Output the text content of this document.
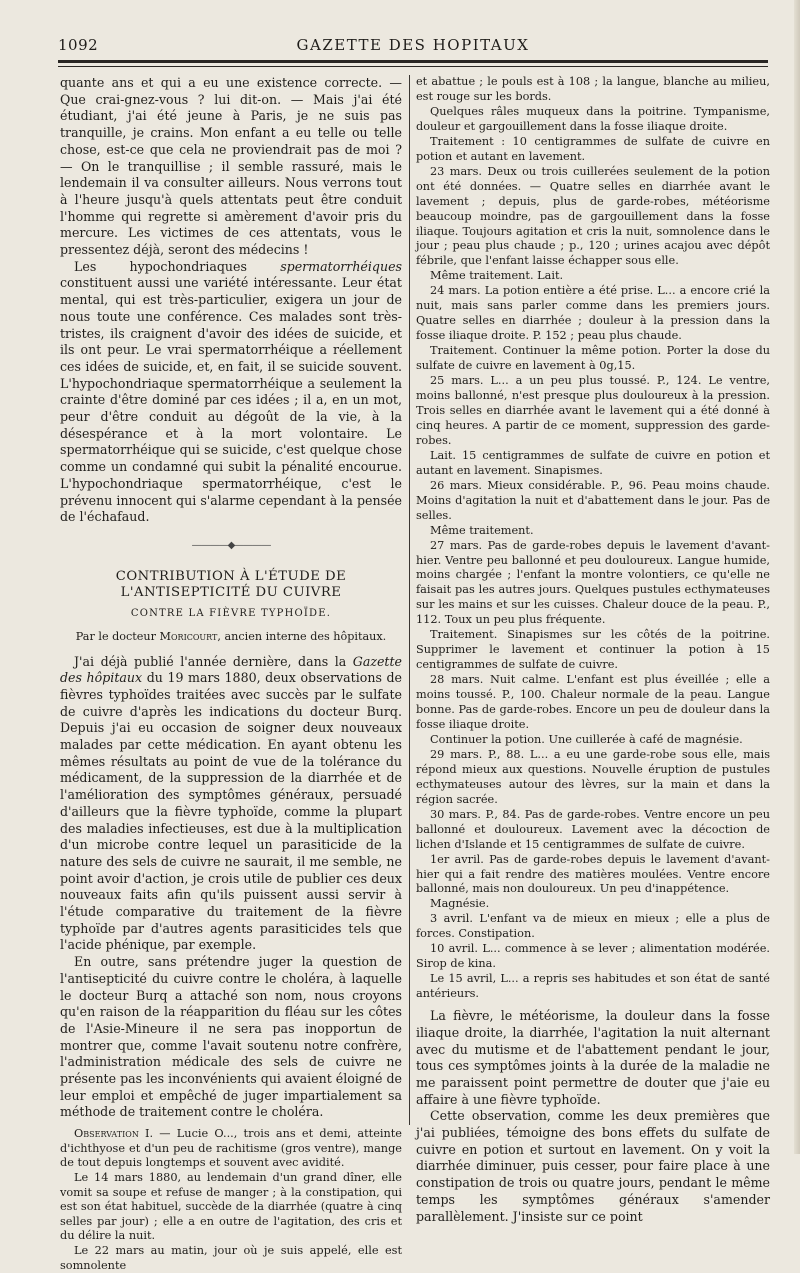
1092	GAZETTE DES HOPITAUX

quante ans et qui a eu une existence correcte. — Que crai-gnez-vous ? lui dit-on. — Mais j'ai été étudiant, j'ai été jeune à Paris, je ne suis pas tranquille, je crains. Mon enfant a eu telle ou telle chose, est-ce que cela ne proviendrait pas de moi ? — On le tranquillise ; il semble rassuré, mais le lendemain il va consulter ailleurs. Nous verrons tout à l'heure jusqu'à quels attentats peut être conduit l'homme qui regrette si amèrement d'avoir pris du mercure. Les victimes de ces attentats, vous le pressentez déjà, seront des médecins !

Les hypochondriaques spermatorrhéiques constituent aussi une variété intéressante. Leur état mental, qui est très-particulier, exigera un jour de nous toute une conférence. Ces malades sont très-tristes, ils craignent d'avoir des idées de suicide, et ils ont peur. Le vrai spermatorrhéique a réellement ces idées de suicide, et, en fait, il se suicide souvent. L'hypochondriaque spermatorrhéique a seulement la crainte d'être dominé par ces idées ; il a, en un mot, peur d'être conduit au dégoût de la vie, à la désespérance et à la mort volontaire. Le spermatorrhéique qui se suicide, c'est quelque chose comme un condamné qui subit la pénalité encourue. L'hypochondriaque spermatorrhéique, c'est le prévenu innocent qui s'alarme cependant à la pensée de l'échafaud.

————◆————
CONTRIBUTION À L'ÉTUDE DE L'ANTISEPTICITÉ DU CUIVRE
CONTRE LA FIÈVRE TYPHOÏDE.
Par le docteur Moricourt, ancien interne des hôpitaux.

J'ai déjà publié l'année dernière, dans la Gazette des hôpitaux du 19 mars 1880, deux observations de fièvres typhoïdes traitées avec succès par le sulfate de cuivre d'après les indications du docteur Burq. Depuis j'ai eu occasion de soigner deux nouveaux malades par cette médication. En ayant obtenu les mêmes résultats au point de vue de la tolérance du médicament, de la suppression de la diarrhée et de l'amélioration des symptômes généraux, persuadé d'ailleurs que la fièvre typhoïde, comme la plupart des maladies infectieuses, est due à la multiplication d'un microbe contre lequel un parasiticide de la nature des sels de cuivre ne saurait, il me semble, ne point avoir d'action, je crois utile de publier ces deux nouveaux faits afin qu'ils puissent aussi servir à l'étude comparative du traitement de la fièvre typhoïde par d'autres agents parasiticides tels que l'acide phénique, par exemple.

En outre, sans prétendre juger la question de l'antisepticité du cuivre contre le choléra, à laquelle le docteur Burq a attaché son nom, nous croyons qu'en raison de la réapparition du fléau sur les côtes de l'Asie-Mineure il ne sera pas inopportun de montrer que, comme l'avait soutenu notre confrère, l'administration médicale des sels de cuivre ne présente pas les inconvénients qui avaient éloigné de leur emploi et empêché de juger impartialement sa méthode de traitement contre le choléra.

Observation I. — Lucie O..., trois ans et demi, atteinte d'ichthyose et d'un peu de rachitisme (gros ventre), mange de tout depuis longtemps et souvent avec avidité.

Le 14 mars 1880, au lendemain d'un grand dîner, elle vomit sa soupe et refuse de manger ; à la constipation, qui est son état habituel, succède de la diarrhée (quatre à cinq selles par jour) ; elle a en outre de l'agitation, des cris et du délire la nuit.

Le 22 mars au matin, jour où je suis appelé, elle est somnolente

et abattue ; le pouls est à 108 ; la langue, blanche au milieu, est rouge sur les bords.

Quelques râles muqueux dans la poitrine. Tympanisme, douleur et gargouillement dans la fosse iliaque droite.

Traitement : 10 centigrammes de sulfate de cuivre en potion et autant en lavement.

23 mars. Deux ou trois cuillerées seulement de la potion ont été données. — Quatre selles en diarrhée avant le lavement ; depuis, plus de garde-robes, météorisme beaucoup moindre, pas de gargouillement dans la fosse iliaque. Toujours agitation et cris la nuit, somnolence dans le jour ; peau plus chaude ; p., 120 ; urines acajou avec dépôt fébrile, que l'enfant laisse échapper sous elle.

Même traitement. Lait.

24 mars. La potion entière a été prise. L... a encore crié la nuit, mais sans parler comme dans les premiers jours. Quatre selles en diarrhée ; douleur à la pression dans la fosse iliaque droite. P. 152 ; peau plus chaude.

Traitement. Continuer la même potion. Porter la dose du sulfate de cuivre en lavement à 0g,15.

25 mars. L... a un peu plus toussé. P., 124. Le ventre, moins ballonné, n'est presque plus douloureux à la pression. Trois selles en diarrhée avant le lavement qui a été donné à cinq heures. A partir de ce moment, suppression des garde-robes.

Lait. 15 centigrammes de sulfate de cuivre en potion et autant en lavement. Sinapismes.

26 mars. Mieux considérable. P., 96. Peau moins chaude. Moins d'agitation la nuit et d'abattement dans le jour. Pas de selles.

Même traitement.

27 mars. Pas de garde-robes depuis le lavement d'avant-hier. Ventre peu ballonné et peu douloureux. Langue humide, moins chargée ; l'enfant la montre volontiers, ce qu'elle ne faisait pas les autres jours. Quelques pustules ecthymateuses sur les mains et sur les cuisses. Chaleur douce de la peau. P., 112. Toux un peu plus fréquente.

Traitement. Sinapismes sur les côtés de la poitrine. Supprimer le lavement et continuer la potion à 15 centigrammes de sulfate de cuivre.

28 mars. Nuit calme. L'enfant est plus éveillée ; elle a moins toussé. P., 100. Chaleur normale de la peau. Langue bonne. Pas de garde-robes. Encore un peu de douleur dans la fosse iliaque droite.

Continuer la potion. Une cuillerée à café de magnésie.

29 mars. P., 88. L... a eu une garde-robe sous elle, mais répond mieux aux questions. Nouvelle éruption de pustules ecthymateuses autour des lèvres, sur la main et dans la région sacrée.

30 mars. P., 84. Pas de garde-robes. Ventre encore un peu ballonné et douloureux. Lavement avec la décoction de lichen d'Islande et 15 centigrammes de sulfate de cuivre.

1er avril. Pas de garde-robes depuis le lavement d'avant-hier qui a fait rendre des matières moulées. Ventre encore ballonné, mais non douloureux. Un peu d'inappétence.

Magnésie.

3 avril. L'enfant va de mieux en mieux ; elle a plus de forces. Constipation.

10 avril. L... commence à se lever ; alimentation modérée. Sirop de kina.

Le 15 avril, L... a repris ses habitudes et son état de santé antérieurs.

La fièvre, le météorisme, la douleur dans la fosse iliaque droite, la diarrhée, l'agitation la nuit alternant avec du mutisme et de l'abattement pendant le jour, tous ces symptômes joints à la durée de la maladie ne me paraissent point permettre de douter que j'aie eu affaire à une fièvre typhoïde.

Cette observation, comme les deux premières que j'ai publiées, témoigne des bons effets du sulfate de cuivre en potion et surtout en lavement. On y voit la diarrhée diminuer, puis cesser, pour faire place à une constipation de trois ou quatre jours, pendant le même temps les symptômes généraux s'amender parallèlement. J'insiste sur ce point
